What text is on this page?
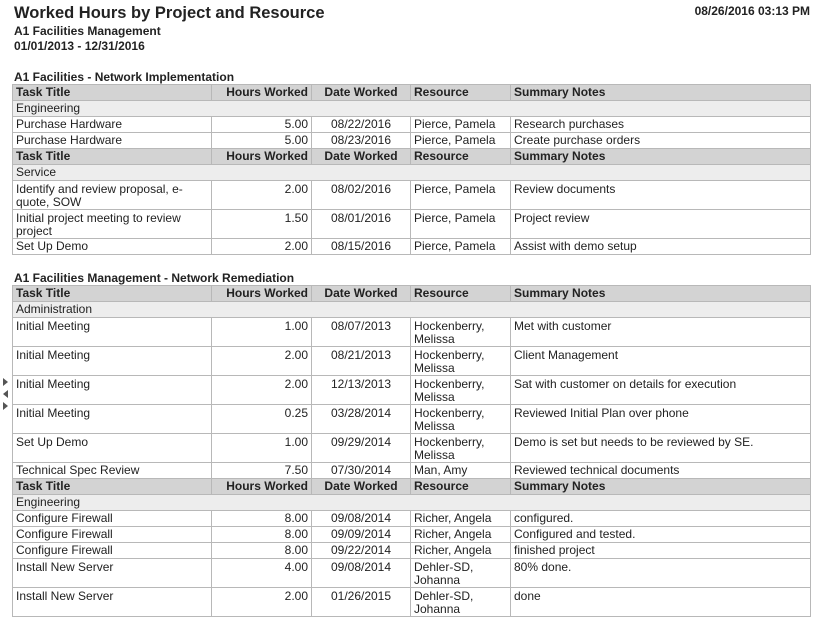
Worked Hours by Project and Resource
A1 Facilities Management
01/01/2013 - 12/31/2016
08/26/2016 03:13 PM
A1 Facilities - Network Implementation
Task Title	Hours Worked	Date Worked	Resource	Summary Notes
Engineering				
Purchase Hardware	5.00	08/22/2016	Pierce, Pamela	Research purchases
Purchase Hardware	5.00	08/23/2016	Pierce, Pamela	Create purchase orders
Task Title	Hours Worked	Date Worked	Resource	Summary Notes
Service				
Identify and review proposal, e-quote, SOW	2.00	08/02/2016	Pierce, Pamela	Review documents
Initial project meeting to review project	1.50	08/01/2016	Pierce, Pamela	Project review
Set Up Demo	2.00	08/15/2016	Pierce, Pamela	Assist with demo setup
A1 Facilities Management - Network Remediation
Task Title	Hours Worked	Date Worked	Resource	Summary Notes
Administration				
Initial Meeting	1.00	08/07/2013	Hockenberry, Melissa	Met with customer
Initial Meeting	2.00	08/21/2013	Hockenberry, Melissa	Client Management
Initial Meeting	2.00	12/13/2013	Hockenberry, Melissa	Sat with customer on details for execution
Initial Meeting	0.25	03/28/2014	Hockenberry, Melissa	Reviewed Initial Plan over phone
Set Up Demo	1.00	09/29/2014	Hockenberry, Melissa	Demo is set but needs to be reviewed by SE.
Technical Spec Review	7.50	07/30/2014	Man, Amy	Reviewed technical documents
Task Title	Hours Worked	Date Worked	Resource	Summary Notes
Engineering				
Configure Firewall	8.00	09/08/2014	Richer, Angela	configured.
Configure Firewall	8.00	09/09/2014	Richer, Angela	Configured and tested.
Configure Firewall	8.00	09/22/2014	Richer, Angela	finished project
Install New Server	4.00	09/08/2014	Dehler-SD, Johanna	80% done.
Install New Server	2.00	01/26/2015	Dehler-SD, Johanna	done
